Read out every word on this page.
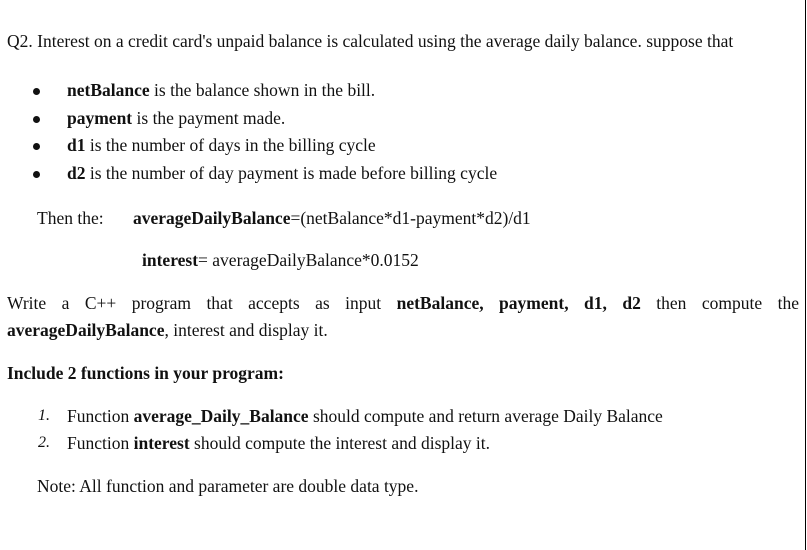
Q2. Interest on a credit card's unpaid balance is calculated using the average daily balance. suppose that

netBalance is the balance shown in the bill.
payment is the payment made.
d1 is the number of days in the billing cycle
d2 is the number of day payment is made before billing cycle
Then the: averageDailyBalance=(netBalance*d1-payment*d2)/d1
interest= averageDailyBalance*0.0152

Write a C++ program that accepts as input netBalance, payment, d1, d2 then compute the averageDailyBalance, interest and display it.

Include 2 functions in your program:
1. Function average_Daily_Balance should compute and return average Daily Balance
2. Function interest should compute the interest and display it.
Note: All function and parameter are double data type.
